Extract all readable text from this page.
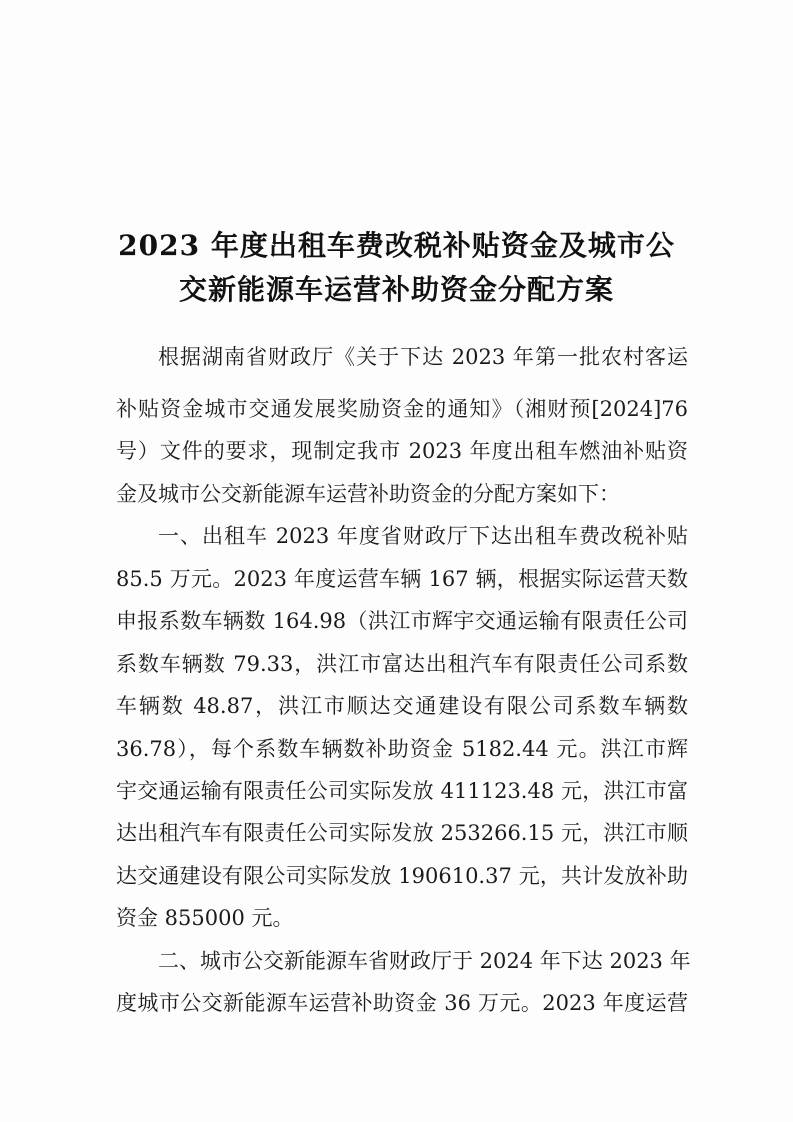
2023 年度出租车费改税补贴资金及城市公
交新能源车运营补助资金分配方案
根据湖南省财政厅《关于下达 2023 年第一批农村客运
补贴资金城市交通发展奖励资金的通知》（湘财预[2024]76
号）文件的要求，现制定我市 2023 年度出租车燃油补贴资
金及城市公交新能源车运营补助资金的分配方案如下：
一、出租车 2023 年度省财政厅下达出租车费改税补贴
85.5 万元。2023 年度运营车辆 167 辆，根据实际运营天数
申报系数车辆数 164.98（洪江市辉宇交通运输有限责任公司
系数车辆数 79.33，洪江市富达出租汽车有限责任公司系数
车辆数 48.87，洪江市顺达交通建设有限公司系数车辆数
36.78），每个系数车辆数补助资金 5182.44 元。洪江市辉
宇交通运输有限责任公司实际发放 411123.48 元，洪江市富
达出租汽车有限责任公司实际发放 253266.15 元，洪江市顺
达交通建设有限公司实际发放 190610.37 元，共计发放补助
资金 855000 元。
二、城市公交新能源车省财政厅于 2024 年下达 2023 年
度城市公交新能源车运营补助资金 36 万元。2023 年度运营
